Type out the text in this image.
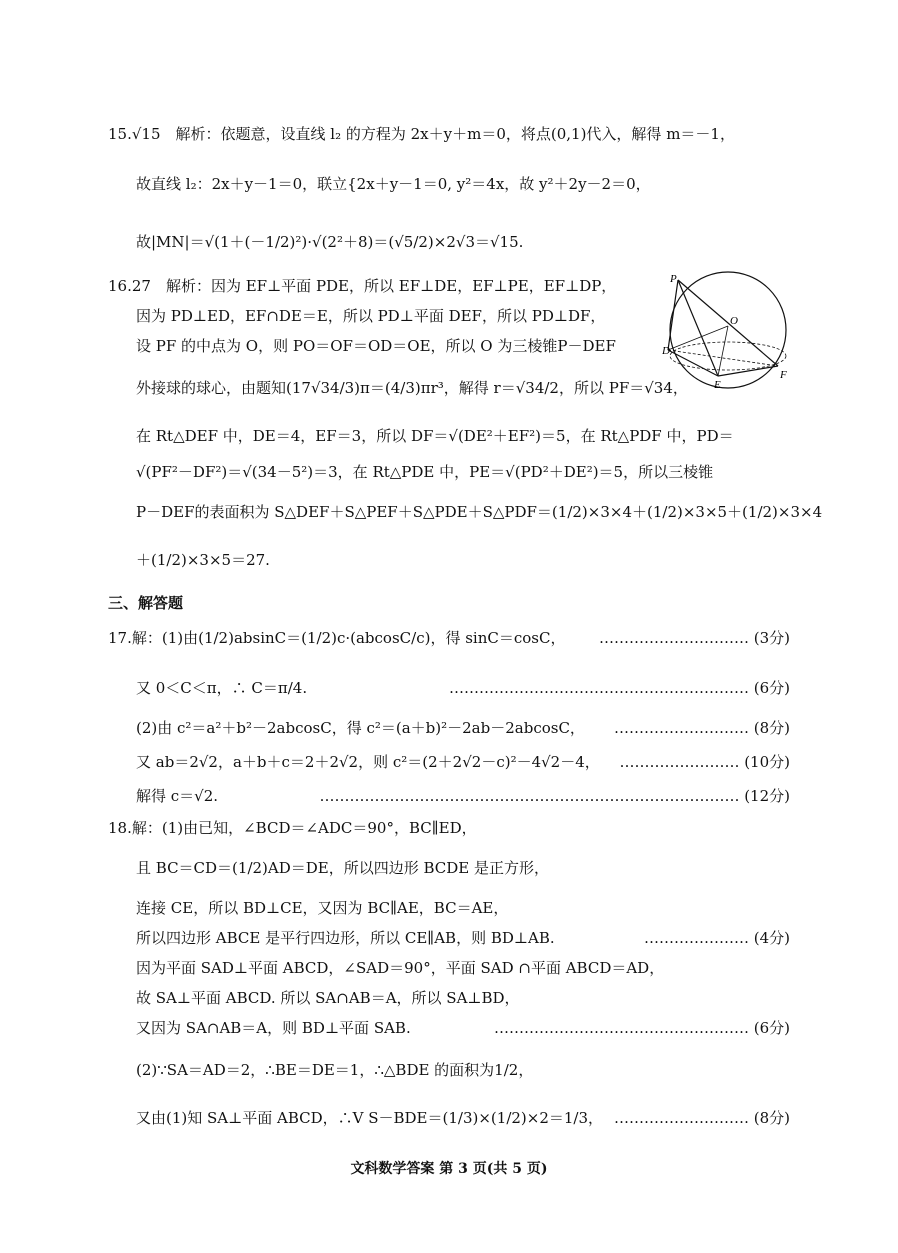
15.√15　解析：依题意，设直线 l₂ 的方程为 2x＋y＋m＝0，将点(0,1)代入，解得 m＝－1，
故直线 l₂：2x＋y－1＝0，联立{2x＋y－1＝0, y²＝4x，故 y²＋2y－2＝0，
故|MN|＝√(1＋(－1/2)²)·√(2²＋8)＝(√5/2)×2√3＝√15.
16.27　解析：因为 EF⊥平面 PDE，所以 EF⊥DE，EF⊥PE，EF⊥DP，
因为 PD⊥ED，EF∩DE＝E，所以 PD⊥平面 DEF，所以 PD⊥DF，
设 PF 的中点为 O，则 PO＝OF＝OD＝OE，所以 O 为三棱锥P－DEF
外接球的球心，由题知(17√34/3)π＝(4/3)πr³，解得 r＝√34/2，所以 PF＝√34，
在 Rt△DEF 中，DE＝4，EF＝3，所以 DF＝√(DE²＋EF²)＝5，在 Rt△PDF 中，PD＝
√(PF²－DF²)＝√(34－5²)＝3，在 Rt△PDE 中，PE＝√(PD²＋DE²)＝5，所以三棱锥
P－DEF的表面积为 S△DEF＋S△PEF＋S△PDE＋S△PDF＝(1/2)×3×4＋(1/2)×3×5＋(1/2)×3×4
＋(1/2)×3×5＝27.
P
O
D
E
F
三、解答题
17.解：(1)由(1/2)absinC＝(1/2)c·(abcosC/c)，得 sinC＝cosC， ………………………… (3分)
又 0＜C＜π，∴ C＝π/4.	…………………………………………………… (6分)
(2)由 c²＝a²＋b²－2abcosC，得 c²＝(a＋b)²－2ab－2abcosC， ……………………… (8分)
又 ab＝2√2，a＋b＋c＝2＋2√2，则 c²＝(2＋2√2－c)²－4√2－4， …………………… (10分)
解得 c＝√2.	………………………………………………………………………… (12分)
18.解：(1)由已知，∠BCD＝∠ADC＝90°，BC∥ED，
且 BC＝CD＝(1/2)AD＝DE，所以四边形 BCDE 是正方形，
连接 CE，所以 BD⊥CE，又因为 BC∥AE，BC＝AE，
所以四边形 ABCE 是平行四边形，所以 CE∥AB，则 BD⊥AB.	………………… (4分)
因为平面 SAD⊥平面 ABCD，∠SAD＝90°，平面 SAD ∩平面 ABCD＝AD，
故 SA⊥平面 ABCD. 所以 SA∩AB＝A，所以 SA⊥BD，
又因为 SA∩AB＝A，则 BD⊥平面 SAB.	…………………………………………… (6分)
(2)∵SA＝AD＝2，∴BE＝DE＝1，∴△BDE 的面积为1/2，
又由(1)知 SA⊥平面 ABCD，∴V S－BDE＝(1/3)×(1/2)×2＝1/3， ……………………… (8分)
文科数学答案 第 3 页(共 5 页)
